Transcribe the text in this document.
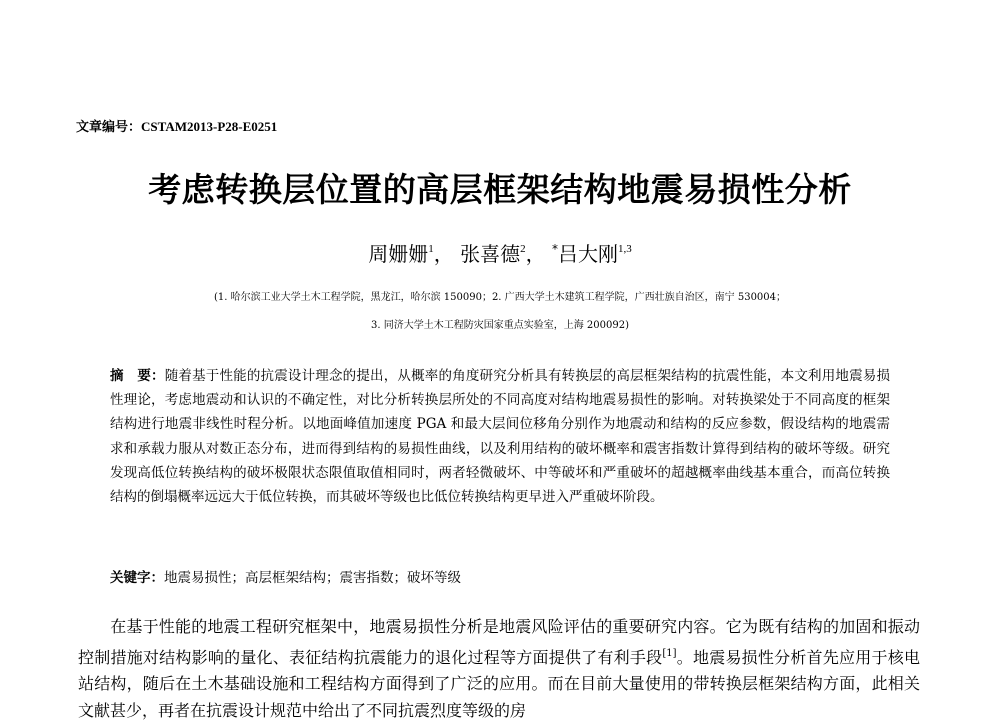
文章编号：CSTAM2013-P28-E0251
考虑转换层位置的高层框架结构地震易损性分析
周姗姗$^1$， 张喜德$^2$， *吕大刚$^{1,3}$
(1. 哈尔滨工业大学土木工程学院，黑龙江，哈尔滨 150090；2. 广西大学土木建筑工程学院，广西壮族自治区，南宁 530004；
3. 同济大学土木工程防灾国家重点实验室，上海 200092)
摘　要：随着基于性能的抗震设计理念的提出，从概率的角度研究分析具有转换层的高层框架结构的抗震性能，本文利用地震易损性理论，考虑地震动和认识的不确定性，对比分析转换层所处的不同高度对结构地震易损性的影响。对转换梁处于不同高度的框架结构进行地震非线性时程分析。以地面峰值加速度 PGA 和最大层间位移角分别作为地震动和结构的反应参数，假设结构的地震需求和承载力服从对数正态分布，进而得到结构的易损性曲线，以及利用结构的破坏概率和震害指数计算得到结构的破坏等级。研究发现高低位转换结构的破坏极限状态限值取值相同时，两者轻微破坏、中等破坏和严重破坏的超越概率曲线基本重合，而高位转换结构的倒塌概率远远大于低位转换，而其破坏等级也比低位转换结构更早进入严重破坏阶段。
关键字：地震易损性；高层框架结构；震害指数；破坏等级

在基于性能的地震工程研究框架中，地震易损性分析是地震风险评估的重要研究内容。它为既有结构的加固和振动控制措施对结构影响的量化、表征结构抗震能力的退化过程等方面提供了有利手段[1]。地震易损性分析首先应用于核电站结构，随后在土木基础设施和工程结构方面得到了广泛的应用。而在目前大量使用的带转换层框架结构方面，此相关文献甚少，再者在抗震设计规范中给出了不同抗震烈度等级的房
